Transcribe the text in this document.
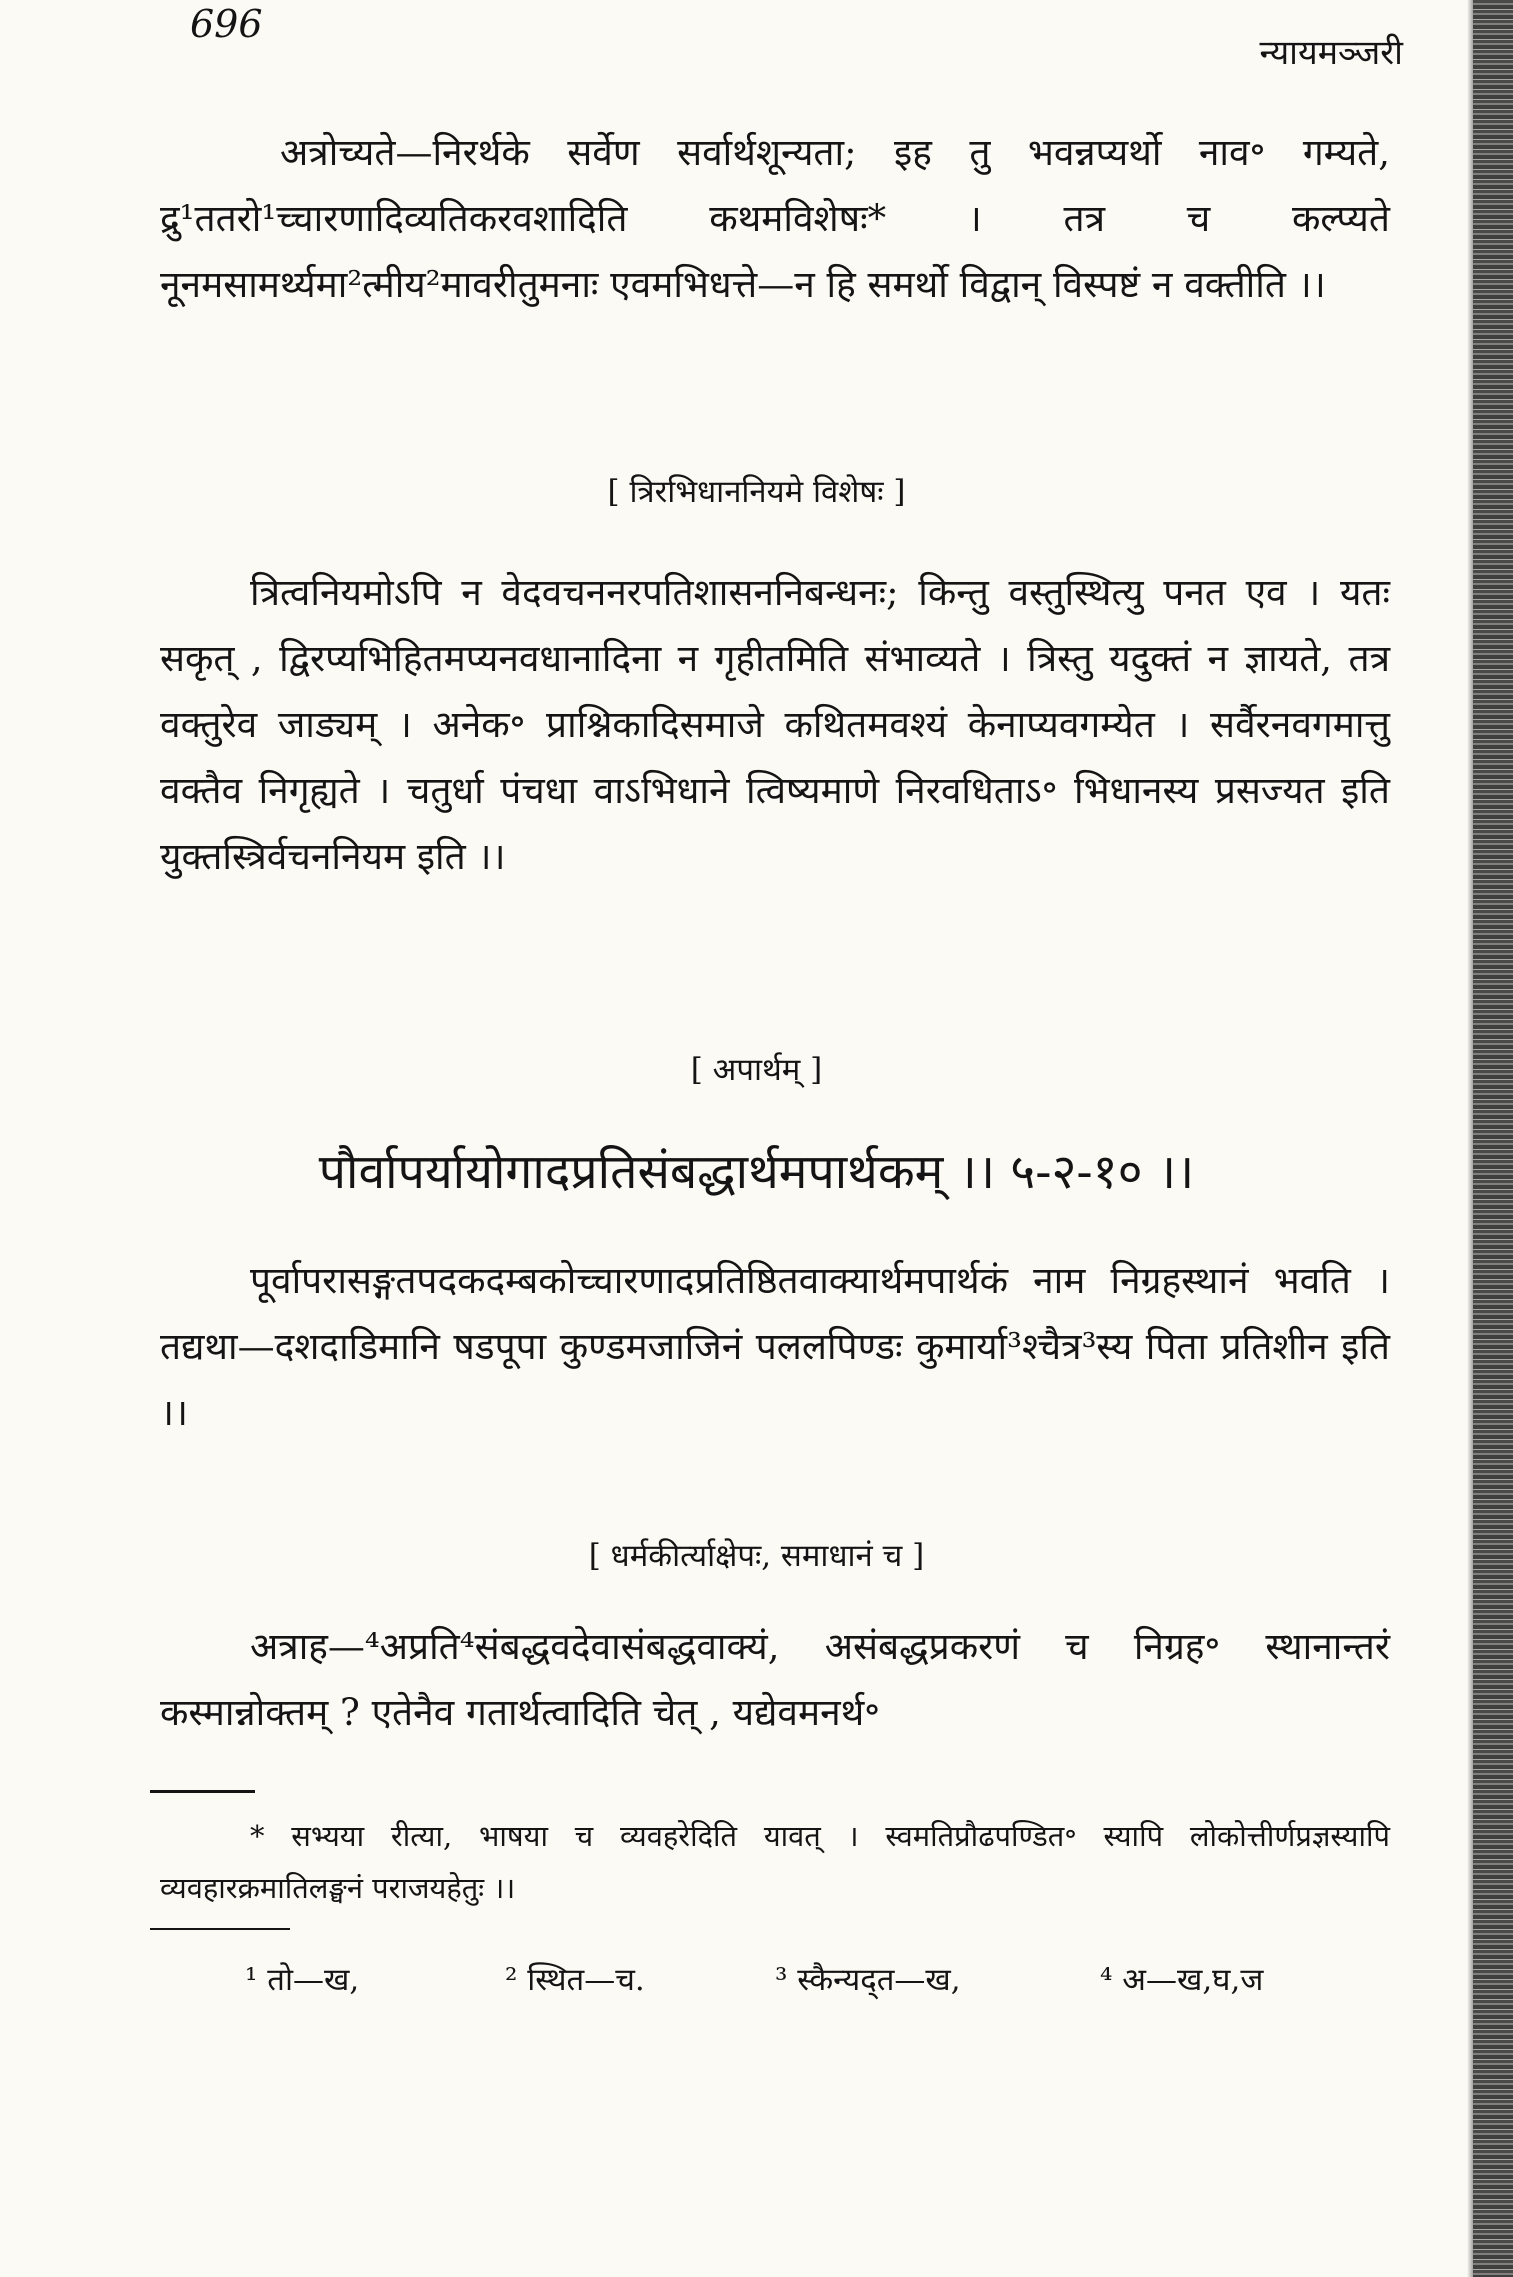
696
न्यायमञ्जरी
अत्रोच्यते—निरर्थके सर्वेण सर्वार्थशून्यता; इह तु भवन्नप्यर्थो नाव॰ गम्यते, द्रु¹ततरो¹च्चारणादिव्यतिकरवशादिति कथमविशेषः* । तत्र च कल्प्यते नूनमसामर्थ्यमा²त्मीय²मावरीतुमनाः एवमभिधत्ते—न हि समर्थो विद्वान् विस्पष्टं न वक्तीति ।।
[ त्रिरभिधाननियमे विशेषः ]
त्रित्वनियमोऽपि न वेदवचननरपतिशासननिबन्धनः; किन्तु वस्तुस्थित्यु पनत एव । यतः सकृत् , द्विरप्यभिहितमप्यनवधानादिना न गृहीतमिति संभाव्यते । त्रिस्तु यदुक्तं न ज्ञायते, तत्र वक्तुरेव जाड्यम् । अनेक॰ प्राश्निकादिसमाजे कथितमवश्यं केनाप्यवगम्येत । सर्वैरनवगमात्तु वक्तैव निगृह्यते । चतुर्धा पंचधा वाऽभिधाने त्विष्यमाणे निरवधिताऽ॰ भिधानस्य प्रसज्यत इति युक्तस्त्रिर्वचननियम इति ।।
[ अपार्थम् ]
पौर्वापर्यायोगादप्रतिसंबद्धार्थमपार्थकम् ।। ५-२-१० ।।
पूर्वापरासङ्गतपदकदम्बकोच्चारणादप्रतिष्ठितवाक्यार्थमपार्थकं नाम निग्रहस्थानं भवति । तद्यथा—दशदाडिमानि षडपूपा कुण्डमजाजिनं पललपिण्डः कुमार्या³श्चैत्र³स्य पिता प्रतिशीन इति ।।
[ धर्मकीर्त्याक्षेपः, समाधानं च ]
अत्राह—⁴अप्रति⁴संबद्धवदेवासंबद्धवाक्यं, असंबद्धप्रकरणं च निग्रह॰ स्थानान्तरं कस्मान्नोक्तम् ? एतेनैव गतार्थत्वादिति चेत् , यद्येवमनर्थ॰
* सभ्यया रीत्या, भाषया च व्यवहरेदिति यावत् । स्वमतिप्रौढपण्डित॰ स्यापि लोकोत्तीर्णप्रज्ञस्यापि व्यवहारक्रमातिलङ्घनं पराजयहेतुः ।।
¹ तो—ख,	² स्थित—च.	³ स्कैन्यद्त—ख,	⁴ अ—ख,घ,ज
